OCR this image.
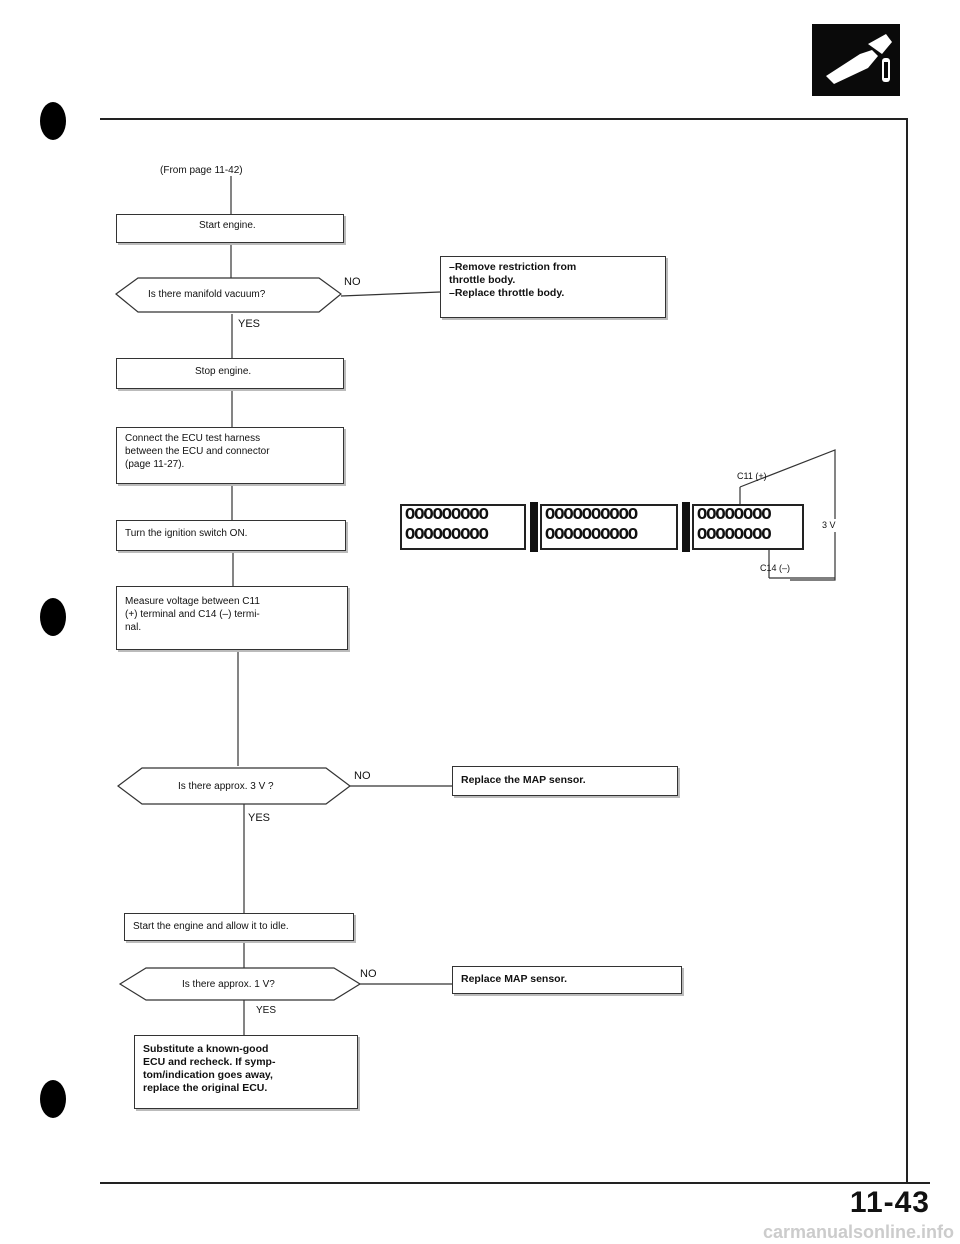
(From page 11-42)
Start engine.
Is there manifold vacuum?
NO
–Remove restriction from
throttle body.
–Replace throttle body.
YES
Stop engine.
Connect the ECU test harness
between the ECU and connector
(page 11-27).
Turn the ignition switch ON.
Measure voltage between C11
(+) terminal and C14 (–) termi-
nal.
Is there approx. 3 V ?
NO	Replace the MAP sensor.
YES
Start the engine and allow it to idle.
Is there approx. 1 V?
NO	Replace MAP sensor.
YES
Substitute a known-good
ECU and recheck. If symp-
tom/indication goes away,
replace the original ECU.
OOOOOOOOO
OOOOOOOOO
OOOOOOOOOO
OOOOOOOOOO
OOOOOOOO
OOOOOOOO
C11 (+)
C14 (–)
3 V
11-43
carmanualsonline.info
